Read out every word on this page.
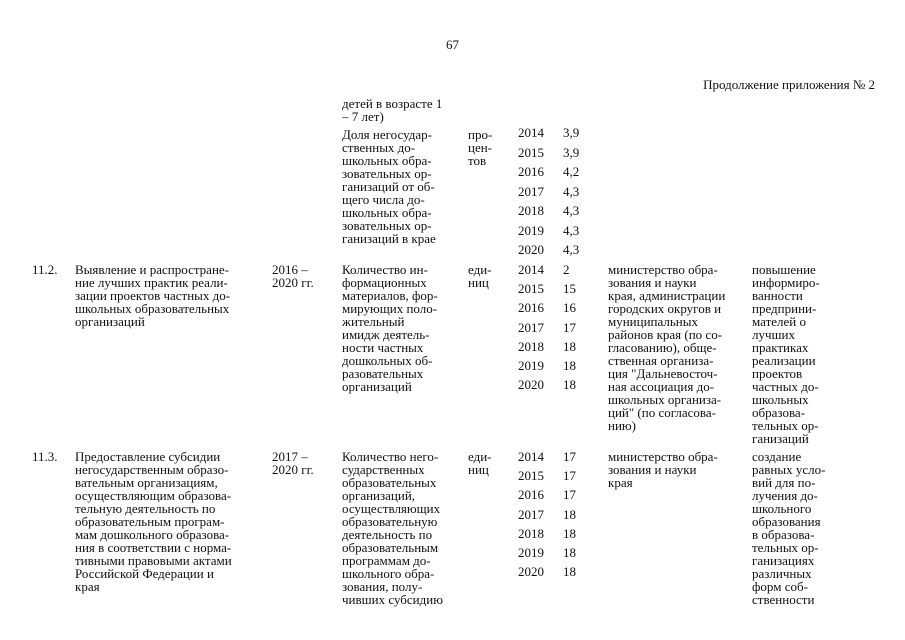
67
Продолжение приложения № 2
детей в возрасте 1
– 7 лет)
Доля негосудар-
ственных до-
школьных обра-
зовательных ор-
ганизаций от об-
щего числа до-
школьных обра-
зовательных ор-
ганизаций в крае
про-
цен-
тов
2014
2015
2016
2017
2018
2019
2020
3,9
3,9
4,2
4,3
4,3
4,3
4,3
11.2.	Выявление и распростране-
ние лучших практик реали-
зации проектов частных до-
школьных образовательных
организаций
2016 –
2020 гг.
Количество ин-
формационных
материалов, фор-
мирующих поло-
жительный
имидж деятель-
ности частных
дошкольных об-
разовательных
организаций
еди-
ниц
2014
2015
2016
2017
2018
2019
2020
2
15
16
17
18
18
18
министерство обра-
зования и науки
края, администрации
городских округов и
муниципальных
районов края (по со-
гласованию), обще-
ственная организа-
ция "Дальневосточ-
ная ассоциация до-
школьных организа-
ций" (по согласова-
нию)
повышение
информиро-
ванности
предприни-
мателей о
лучших
практиках
реализации
проектов
частных до-
школьных
образова-
тельных ор-
ганизаций
11.3.	Предоставление субсидии
негосударственным образо-
вательным организациям,
осуществляющим образова-
тельную деятельность по
образовательным програм-
мам дошкольного образова-
ния в соответствии с норма-
тивными правовыми актами
Российской Федерации и
края
2017 –
2020 гг.
Количество него-
сударственных
образовательных
организаций,
осуществляющих
образовательную
деятельность по
образовательным
программам до-
школьного обра-
зования, полу-
чивших субсидию
еди-
ниц
2014
2015
2016
2017
2018
2019
2020
17
17
17
18
18
18
18
министерство обра-
зования и науки
края
создание
равных усло-
вий для по-
лучения до-
школьного
образования
в образова-
тельных ор-
ганизациях
различных
форм соб-
ственности
